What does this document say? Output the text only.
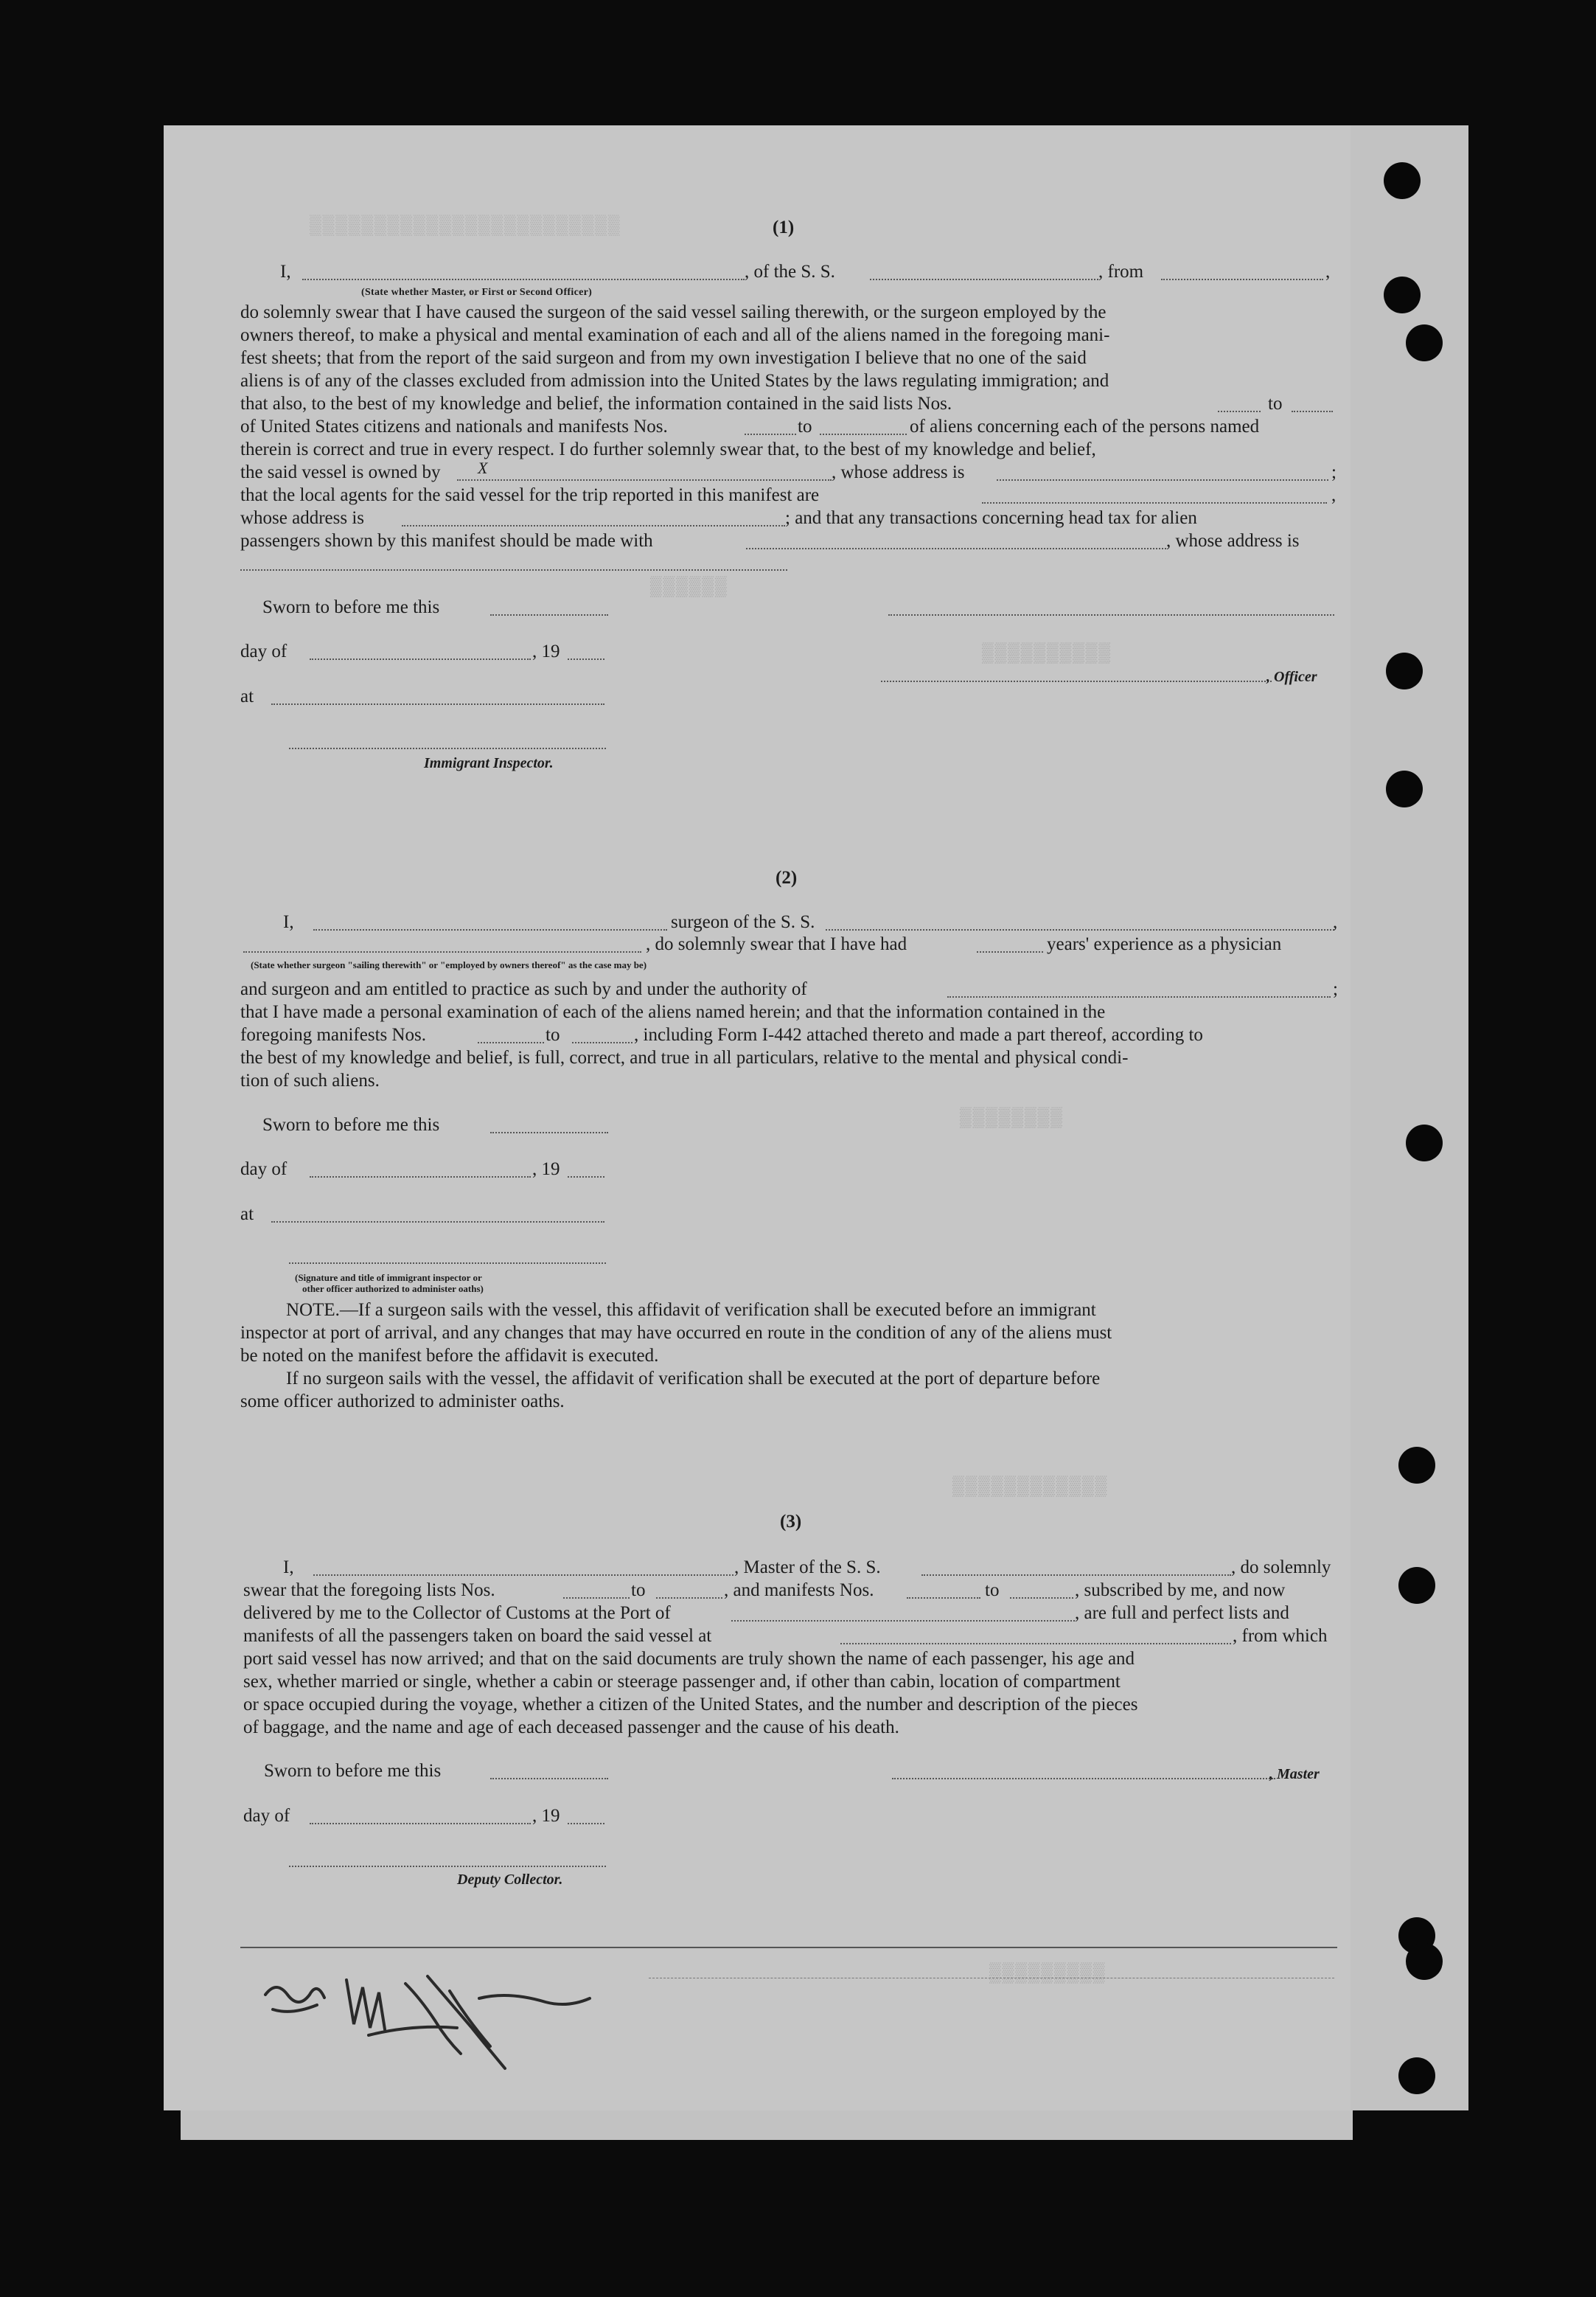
▒▒▒▒▒▒▒▒▒▒▒▒▒▒▒▒▒▒▒▒▒▒▒▒
▒▒▒▒▒▒
▒▒▒▒▒▒▒▒▒▒
▒▒▒▒▒▒▒▒
▒▒▒▒▒▒▒▒▒▒▒▒
▒▒▒▒▒▒▒▒▒
(1)
I,	, of the S. S.	, from	,
(State whether Master, or First or Second Officer)
do solemnly swear that I have caused the surgeon of the said vessel sailing therewith, or the surgeon employed by the
owners thereof, to make a physical and mental examination of each and all of the aliens named in the foregoing mani-
fest sheets; that from the report of the said surgeon and from my own investigation I believe that no one of the said
aliens is of any of the classes excluded from admission into the United States by the laws regulating immigration; and
that also, to the best of my knowledge and belief, the information contained in the said lists Nos.	to
of United States citizens and nationals and manifests Nos.	to	of aliens concerning each of the persons named
therein is correct and true in every respect. I do further solemnly swear that, to the best of my knowledge and belief,
the said vessel is owned by X	, whose address is	;
that the local agents for the said vessel for the trip reported in this manifest are	,
whose address is	; and that any transactions concerning head tax for alien
passengers shown by this manifest should be made with	, whose address is
Sworn to before me this
day of	, 19
, Officer
at
Immigrant Inspector.
(2)
I,	surgeon of the S. S.	,
, do solemnly swear that I have had	years' experience as a physician
(State whether surgeon "sailing therewith" or "employed by owners thereof" as the case may be)
and surgeon and am entitled to practice as such by and under the authority of	;
that I have made a personal examination of each of the aliens named herein; and that the information contained in the
foregoing manifests Nos.	to	, including Form I-442 attached thereto and made a part thereof, according to
the best of my knowledge and belief, is full, correct, and true in all particulars, relative to the mental and physical condi-
tion of such aliens.
Sworn to before me this
day of	, 19
at
(Signature and title of immigrant inspector or
other officer authorized to administer oaths)
NOTE.—If a surgeon sails with the vessel, this affidavit of verification shall be executed before an immigrant
inspector at port of arrival, and any changes that may have occurred en route in the condition of any of the aliens must
be noted on the manifest before the affidavit is executed.
If no surgeon sails with the vessel, the affidavit of verification shall be executed at the port of departure before
some officer authorized to administer oaths.
(3)
I,	, Master of the S. S.	, do solemnly
swear that the foregoing lists Nos.	to	, and manifests Nos.	to	, subscribed by me, and now
delivered by me to the Collector of Customs at the Port of	, are full and perfect lists and
manifests of all the passengers taken on board the said vessel at	, from which
port said vessel has now arrived; and that on the said documents are truly shown the name of each passenger, his age and
sex, whether married or single, whether a cabin or steerage passenger and, if other than cabin, location of compartment
or space occupied during the voyage, whether a citizen of the United States, and the number and description of the pieces
of baggage, and the name and age of each deceased passenger and the cause of his death.
Sworn to before me this	, Master
day of	, 19
Deputy Collector.
